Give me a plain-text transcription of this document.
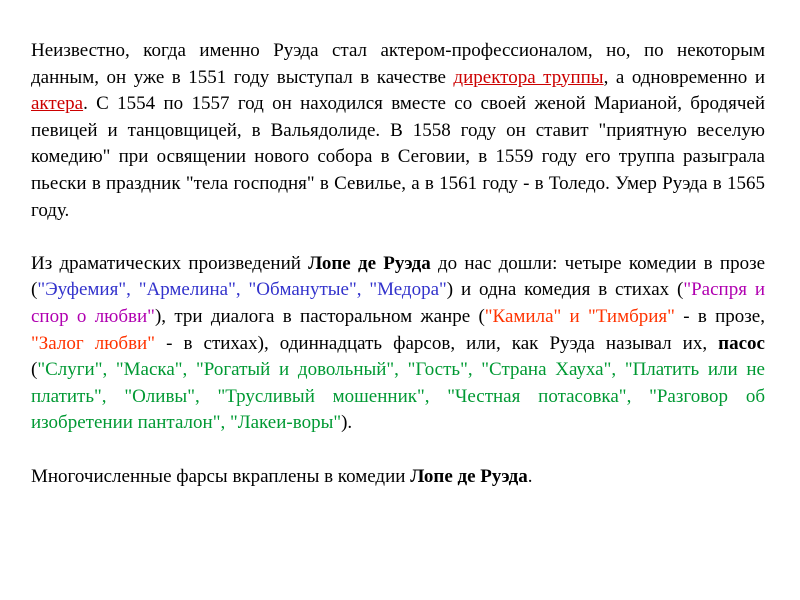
Неизвестно, когда именно Руэда стал актером-профессионалом, но, по некоторым данным, он уже в 1551 году выступал в качестве директора труппы, а одновременно и актера. С 1554 по 1557 год он находился вместе со своей женой Марианой, бродячей певицей и танцовщицей, в Вальядолиде. В 1558 году он ставит "приятную веселую комедию" при освящении нового собора в Сеговии, в 1559 году его труппа разыграла пьески в праздник "тела господня" в Севилье, а в 1561 году - в Толедо. Умер Руэда в 1565 году.

Из драматических произведений Лопе де Руэда до нас дошли: четыре комедии в прозе ("Эуфемия", "Армелина", "Обманутые", "Медора") и одна комедия в стихах ("Распря и спор о любви"), три диалога в пасторальном жанре ("Камила" и "Тимбрия" - в прозе, "Залог любви" - в стихах), одиннадцать фарсов, или, как Руэда называл их, пасос ("Слуги", "Маска", "Рогатый и довольный", "Гость", "Страна Хауха", "Платить или не платить", "Оливы", "Трусливый мошенник", "Честная потасовка", "Разговор об изобретении панталон", "Лакеи-воры").

Многочисленные фарсы вкраплены в комедии Лопе де Руэда.
